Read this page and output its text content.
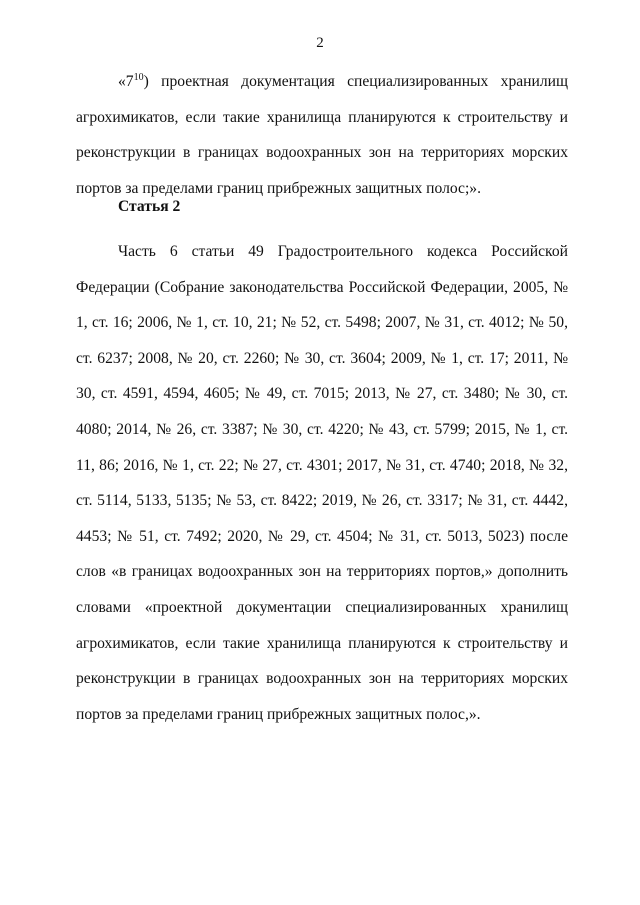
2

«$7^{10}$) проектная документация специализированных хранилищ агрохимикатов, если такие хранилища планируются к строительству и реконструкции в границах водоохранных зон на территориях морских портов за пределами границ прибрежных защитных полос;».

Статья 2

Часть 6 статьи 49 Градостроительного кодекса Российской Федерации (Собрание законодательства Российской Федерации, 2005, № 1, ст. 16; 2006, № 1, ст. 10, 21; № 52, ст. 5498; 2007, № 31, ст. 4012; № 50, ст. 6237; 2008, № 20, ст. 2260; № 30, ст. 3604; 2009, № 1, ст. 17; 2011, № 30, ст. 4591, 4594, 4605; № 49, ст. 7015; 2013, № 27, ст. 3480; № 30, ст. 4080; 2014, № 26, ст. 3387; № 30, ст. 4220; № 43, ст. 5799; 2015, № 1, ст. 11, 86; 2016, № 1, ст. 22; № 27, ст. 4301; 2017, № 31, ст. 4740; 2018, № 32, ст. 5114, 5133, 5135; № 53, ст. 8422; 2019, № 26, ст. 3317; № 31, ст. 4442, 4453; № 51, ст. 7492; 2020, № 29, ст. 4504; № 31, ст. 5013, 5023) после слов «в границах водоохранных зон на территориях портов,» дополнить словами «проектной документации специализированных хранилищ агрохимикатов, если такие хранилища планируются к строительству и реконструкции в границах водоохранных зон на территориях морских портов за пределами границ прибрежных защитных полос,».
